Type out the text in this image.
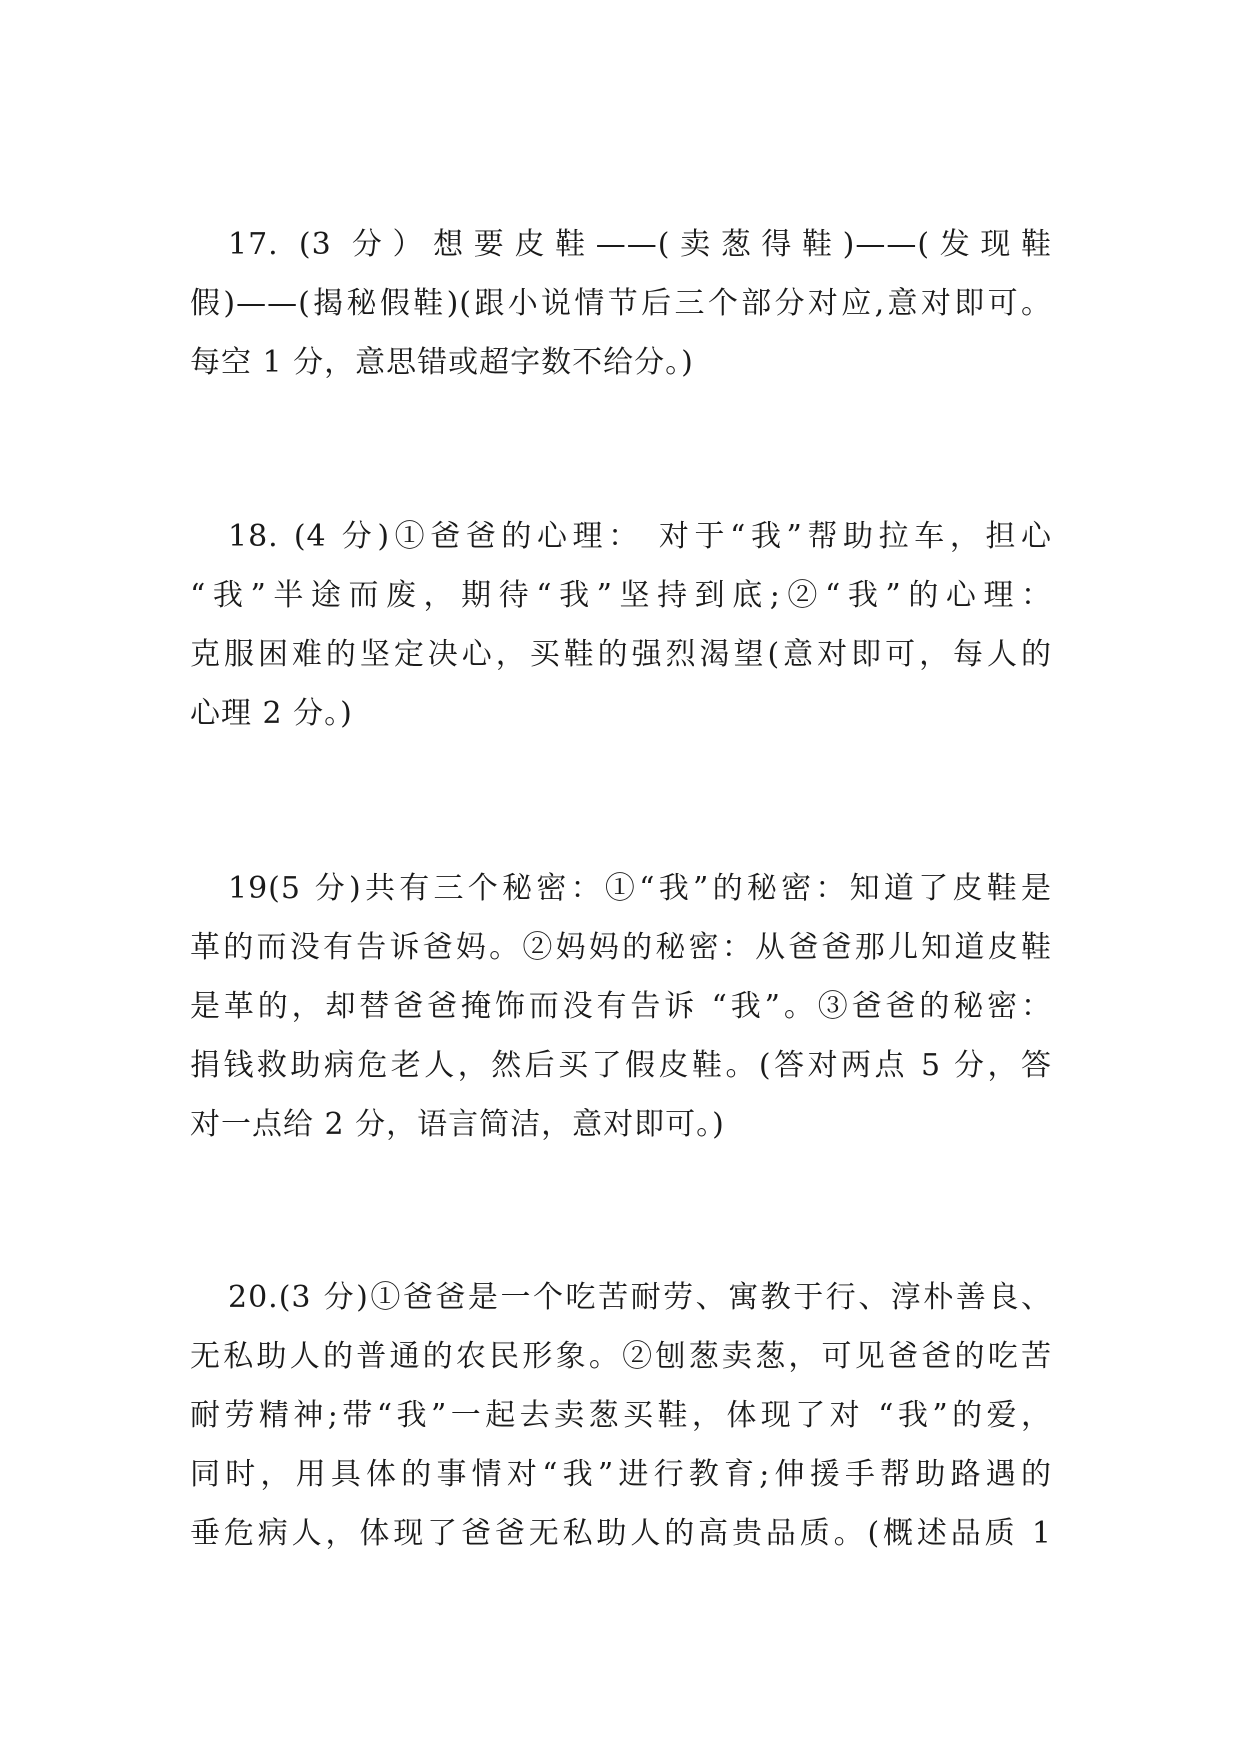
17. (3 分）想要皮鞋——(卖葱得鞋)——(发现鞋
假)——(揭秘假鞋)(跟小说情节后三个部分对应,意对即可。
每空 1 分，意思错或超字数不给分。)
18. (4 分)①爸爸的心理： 对于“我”帮助拉车，担心
“我”半途而废，期待“我”坚持到底;②“我”的心理：
克服困难的坚定决心，买鞋的强烈渴望(意对即可，每人的
心理 2 分。)
19(5 分)共有三个秘密：①“我”的秘密：知道了皮鞋是
革的而没有告诉爸妈。②妈妈的秘密：从爸爸那儿知道皮鞋
是革的，却替爸爸掩饰而没有告诉 “我”。③爸爸的秘密：
捐钱救助病危老人，然后买了假皮鞋。(答对两点 5 分，答
对一点给 2 分，语言简洁，意对即可。)
20.(3 分)①爸爸是一个吃苦耐劳、寓教于行、淳朴善良、
无私助人的普通的农民形象。②刨葱卖葱，可见爸爸的吃苦
耐劳精神;带“我”一起去卖葱买鞋，体现了对 “我”的爱，
同时，用具体的事情对“我”进行教育;伸援手帮助路遇的
垂危病人，体现了爸爸无私助人的高贵品质。(概述品质 1
